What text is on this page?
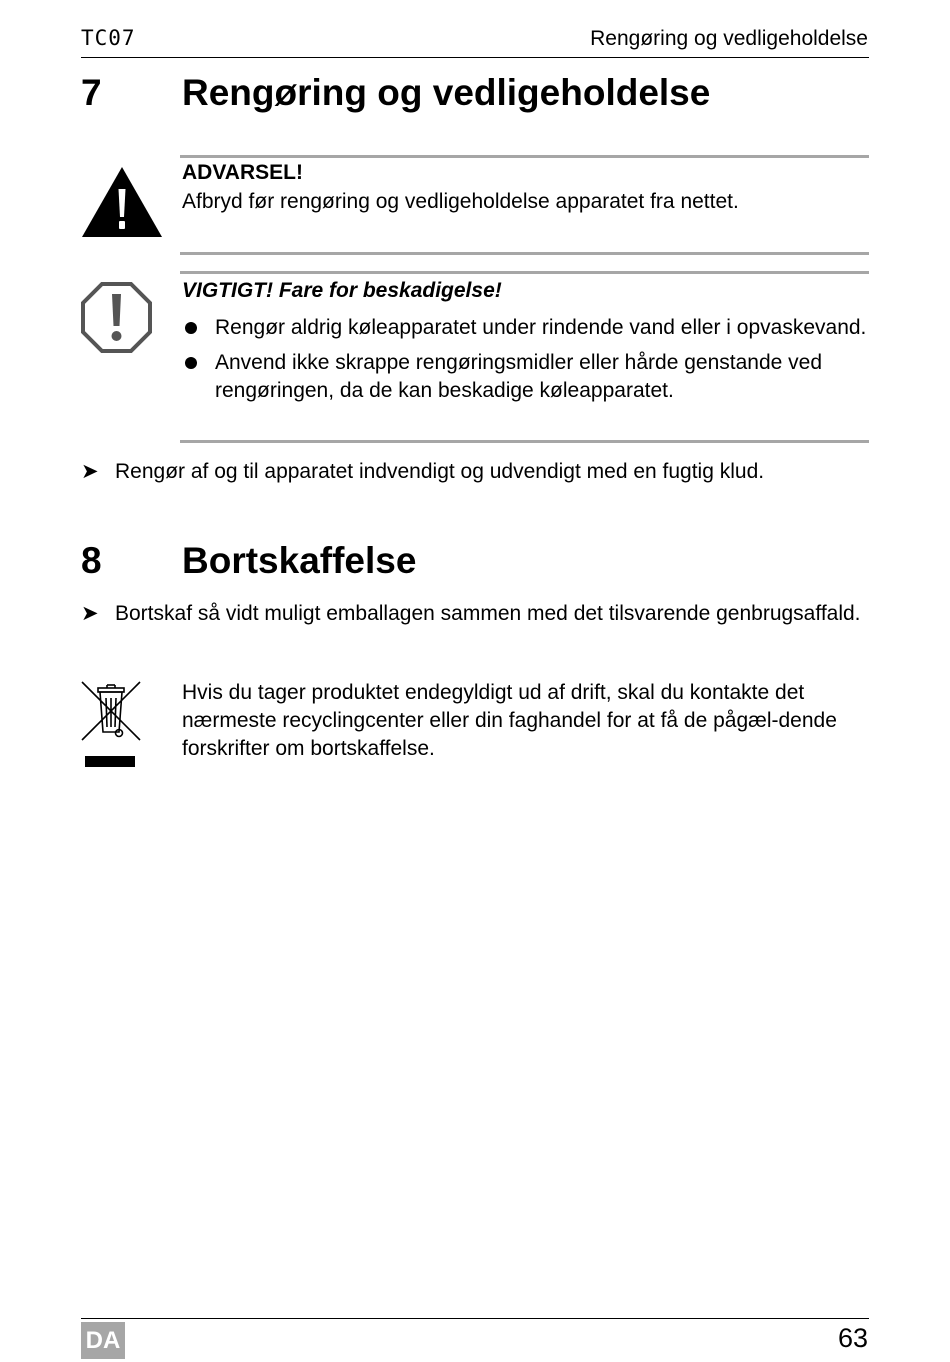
TC07	Rengøring og vedligeholdelse
7 Rengøring og vedligeholdelse
ADVARSEL!
Afbryd før rengøring og vedligeholdelse apparatet fra nettet.
VIGTIGT! Fare for beskadigelse!
Rengør aldrig køleapparatet under rindende vand eller i opvaskevand.
Anvend ikke skrappe rengøringsmidler eller hårde genstande ved rengøringen, da de kan beskadige køleapparatet.
➤ Rengør af og til apparatet indvendigt og udvendigt med en fugtig klud.
8 Bortskaffelse
➤ Bortskaf så vidt muligt emballagen sammen med det tilsvarende genbrugsaffald.
Hvis du tager produktet endegyldigt ud af drift, skal du kontakte det nærmeste recyclingcenter eller din faghandel for at få de pågæl-dende forskrifter om bortskaffelse.
DA	63
